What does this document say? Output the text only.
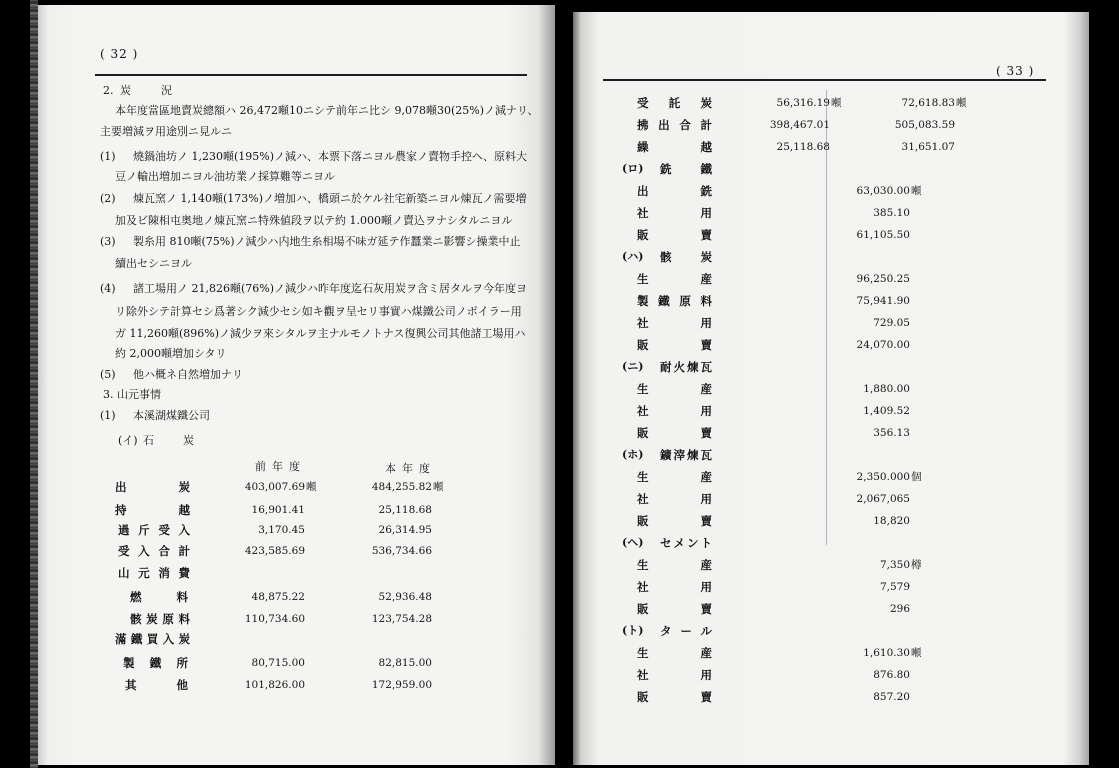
( 32 )
2. 炭況
本年度當區地賣炭總額ハ 26,472噸10ニシテ前年ニ比シ 9,078噸30(25%)ノ減ナリ、
主要増減ヲ用途別ニ見ルニ
(1) 燒鍋油坊ノ 1,230噸(195%)ノ減ハ、本票下落ニヨル農家ノ賣物手控ヘ、原料大
豆ノ輸出増加ニヨル油坊業ノ採算難等ニヨル
(2) 煉瓦窯ノ 1,140噸(173%)ノ増加ハ、橋頭ニ於ケル社宅新築ニヨル煉瓦ノ需要増
加及ビ陳相屯奥地ノ煉瓦窯ニ特殊値段ヲ以テ約 1.000噸ノ賣込ヲナシタルニヨル
(3) 製糸用 810噸(75%)ノ減少ハ内地生糸相場不味ガ延テ作蠶業ニ影響シ操業中止
續出セシニヨル
(4) 諸工場用ノ 21,826噸(76%)ノ減少ハ昨年度迄石灰用炭ヲ含ミ居タルヲ今年度ヨ
リ除外シテ計算セシ爲著シク減少セシ如キ觀ヲ呈セリ事實ハ煤鐵公司ノボイラー用
ガ 11,260噸(896%)ノ減少ヲ來シタルヲ主ナルモノトナス復興公司其他諸工場用ハ
約 2,000噸増加シタリ
(5) 他ハ概ネ自然増加ナリ
3. 山元事情
(1) 本溪湖煤鐵公司
(イ) 石炭
前年度	本年度
出炭	403,007.69 噸	484,255.82 噸
持越	16,901.41	25,118.68
過斤受入	3,170.45	26,314.95
受入合計	423,585.69	536,734.66
山元消費
燃料	48,875.22	52,936.48
骸炭原料	110,734.60	123,754.28
滿鐵買入炭
製鐵所	80,715.00	82,815.00
其他	101,826.00	172,959.00
( 33 )
受託炭	56,316.19 噸	72,618.83 噸
拂出合計	398,467.01	505,083.59
繰越	25,118.68	31,651.07
(ロ) 銑鐵
出銑	63,030.00 噸
社用	385.10
販賣	61,105.50
(ハ) 骸炭
生産	96,250.25
製鐵原料	75,941.90
社用	729.05
販賣	24,070.00
(ニ) 耐火煉瓦
生産	1,880.00
社用	1,409.52
販賣	356.13
(ホ) 鑛滓煉瓦
生産	2,350.000 個
社用	2,067,065
販賣	18,820
(ヘ) セメント
生産	7,350 樽
社用	7,579
販賣	296
(ト) タール
生産	1,610.30 噸
社用	876.80
販賣	857.20
